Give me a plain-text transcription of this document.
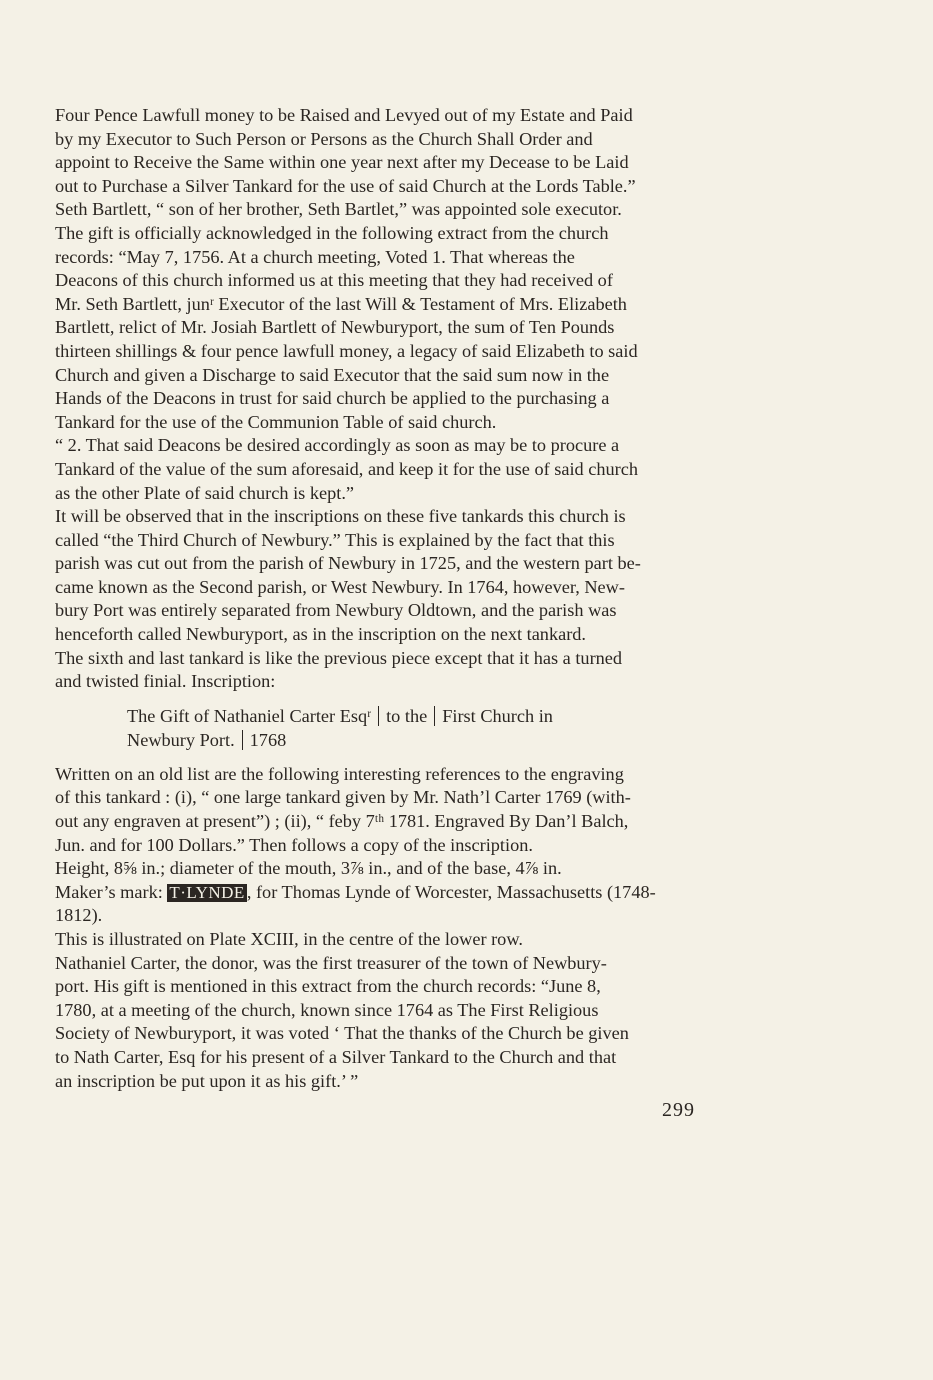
Four Pence Lawfull money to be Raised and Levyed out of my Estate and Paid
by my Executor to Such Person or Persons as the Church Shall Order and
appoint to Receive the Same within one year next after my Decease to be Laid
out to Purchase a Silver Tankard for the use of said Church at the Lords Table.”
Seth Bartlett, “ son of her brother, Seth Bartlet,” was appointed sole executor.
The gift is officially acknowledged in the following extract from the church
records: “May 7, 1756. At a church meeting, Voted 1. That whereas the
Deacons of this church informed us at this meeting that they had received of
Mr. Seth Bartlett, junʳ Executor of the last Will & Testament of Mrs. Elizabeth
Bartlett, relict of Mr. Josiah Bartlett of Newburyport, the sum of Ten Pounds
thirteen shillings & four pence lawfull money, a legacy of said Elizabeth to said
Church and given a Discharge to said Executor that the said sum now in the
Hands of the Deacons in trust for said church be applied to the purchasing a
Tankard for the use of the Communion Table of said church.

“ 2. That said Deacons be desired accordingly as soon as may be to procure a
Tankard of the value of the sum aforesaid, and keep it for the use of said church
as the other Plate of said church is kept.”

It will be observed that in the inscriptions on these five tankards this church is
called “the Third Church of Newbury.” This is explained by the fact that this
parish was cut out from the parish of Newbury in 1725, and the western part be-
came known as the Second parish, or West Newbury. In 1764, however, New-
bury Port was entirely separated from Newbury Oldtown, and the parish was
henceforth called Newburyport, as in the inscription on the next tankard.

The sixth and last tankard is like the previous piece except that it has a turned
and twisted finial. Inscription:

The Gift of Nathaniel Carter Esqʳ to the First Church in
Newbury Port. 1768

Written on an old list are the following interesting references to the engraving
of this tankard : (i), “ one large tankard given by Mr. Nath’l Carter 1769 (with-
out any engraven at present”) ; (ii), “ feby 7ᵗʰ 1781. Engraved By Dan’l Balch,
Jun. and for 100 Dollars.” Then follows a copy of the inscription.

Height, 8⅝ in.; diameter of the mouth, 3⅞ in., and of the base, 4⅞ in.

Maker’s mark: T·LYNDE , for Thomas Lynde of Worcester, Massachusetts (1748-
1812).

This is illustrated on Plate XCIII, in the centre of the lower row.

Nathaniel Carter, the donor, was the first treasurer of the town of Newbury-
port. His gift is mentioned in this extract from the church records: “June 8,
1780, at a meeting of the church, known since 1764 as The First Religious
Society of Newburyport, it was voted ‘ That the thanks of the Church be given
to Nath Carter, Esq for his present of a Silver Tankard to the Church and that
an inscription be put upon it as his gift.’ ”

299
